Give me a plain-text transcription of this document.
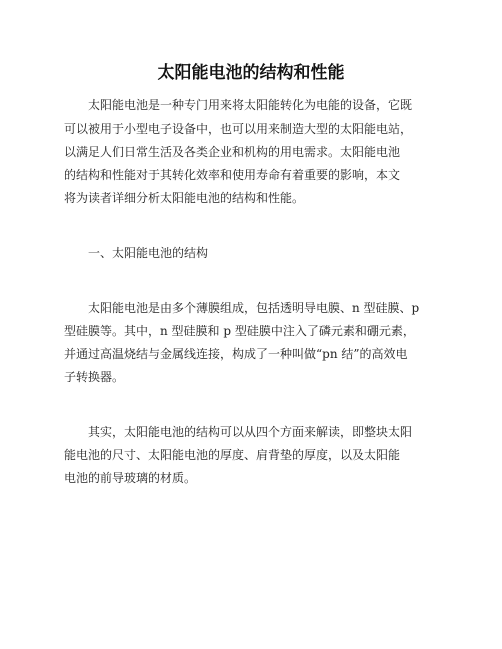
太阳能电池的结构和性能
太阳能电池是一种专门用来将太阳能转化为电能的设备，它既
可以被用于小型电子设备中，也可以用来制造大型的太阳能电站，
以满足人们日常生活及各类企业和机构的用电需求。太阳能电池
的结构和性能对于其转化效率和使用寿命有着重要的影响，本文
将为读者详细分析太阳能电池的结构和性能。
一、太阳能电池的结构
太阳能电池是由多个薄膜组成，包括透明导电膜、n 型硅膜、p
型硅膜等。其中，n 型硅膜和 p 型硅膜中注入了磷元素和硼元素，
并通过高温烧结与金属线连接，构成了一种叫做“pn 结”的高效电
子转换器。
其实，太阳能电池的结构可以从四个方面来解读，即整块太阳
能电池的尺寸、太阳能电池的厚度、肩背垫的厚度，以及太阳能
电池的前导玻璃的材质。
